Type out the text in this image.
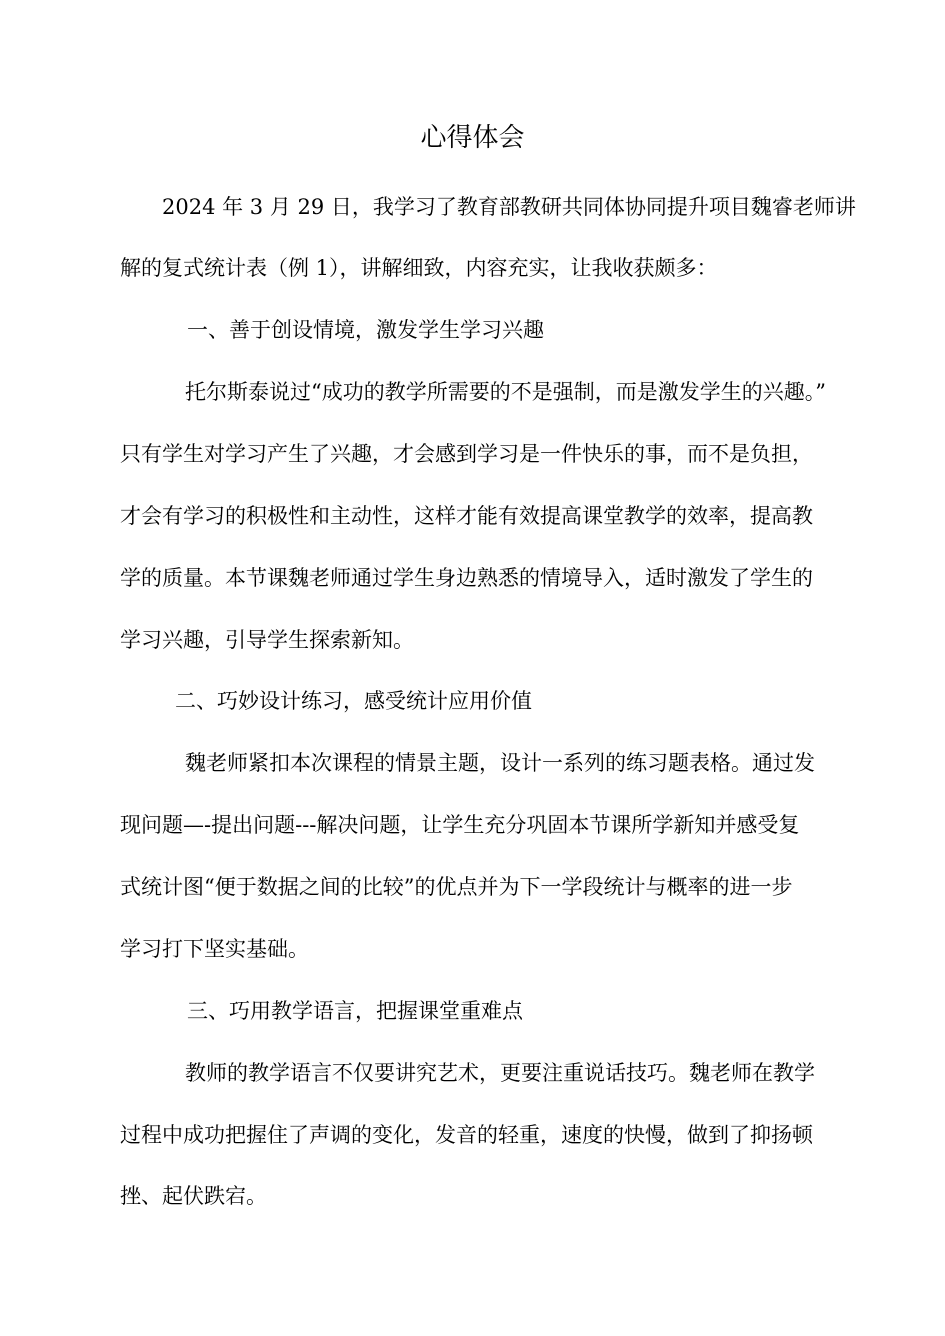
心得体会
2024 年 3 月 29 日，我学习了教育部教研共同体协同提升项目魏睿老师讲
解的复式统计表（例 1），讲解细致，内容充实，让我收获颇多：
一、善于创设情境，激发学生学习兴趣
托尔斯泰说过“成功的教学所需要的不是强制，而是激发学生的兴趣。”
只有学生对学习产生了兴趣，才会感到学习是一件快乐的事，而不是负担，
才会有学习的积极性和主动性，这样才能有效提高课堂教学的效率，提高教
学的质量。本节课魏老师通过学生身边熟悉的情境导入，适时激发了学生的
学习兴趣，引导学生探索新知。
二、巧妙设计练习，感受统计应用价值
魏老师紧扣本次课程的情景主题，设计一系列的练习题表格。通过发
现问题—-提出问题---解决问题，让学生充分巩固本节课所学新知并感受复
式统计图“便于数据之间的比较”的优点并为下一学段统计与概率的进一步
学习打下坚实基础。
三、巧用教学语言，把握课堂重难点
教师的教学语言不仅要讲究艺术，更要注重说话技巧。魏老师在教学
过程中成功把握住了声调的变化，发音的轻重，速度的快慢，做到了抑扬顿
挫、起伏跌宕。
